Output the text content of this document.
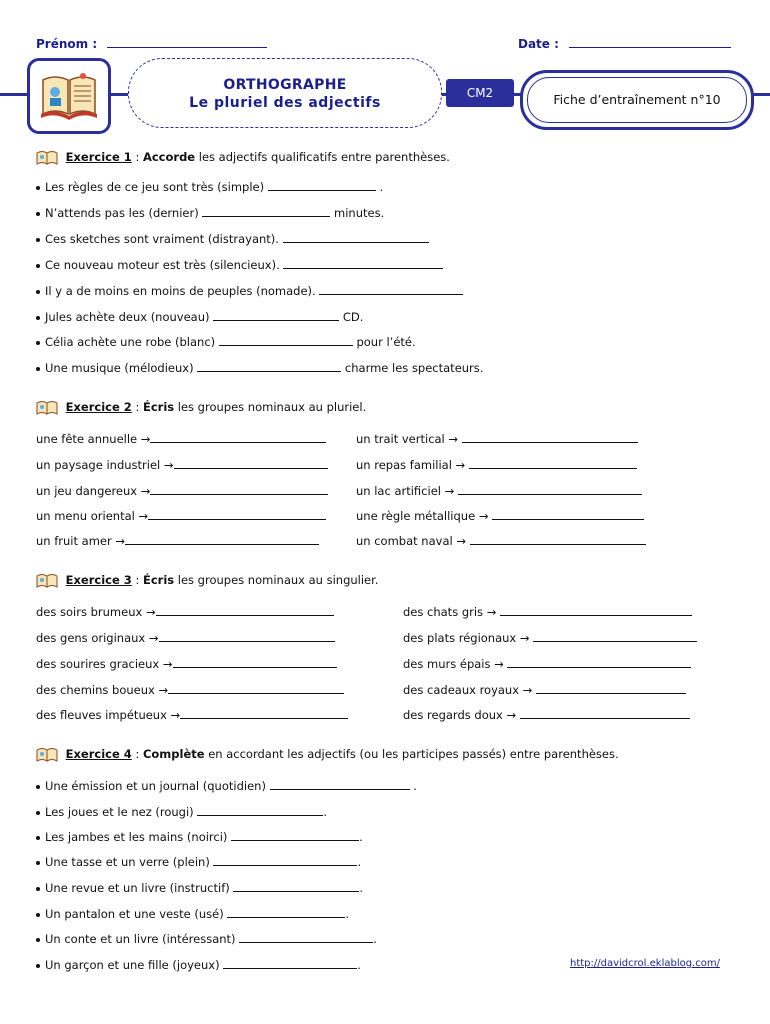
Prénom :	Date :
ORTHOGRAPHE
Le pluriel des adjectifs
CM2	Fiche d’entraînement n°10
Exercice 1 : Accorde les adjectifs qualificatifs entre parenthèses.
Les règles de ce jeu sont très (simple)	.
N’attends pas les (dernier)	minutes.
Ces sketches sont vraiment (distrayant).
Ce nouveau moteur est très (silencieux).
Il y a de moins en moins de peuples (nomade).
Jules achète deux (nouveau)	CD.
Célia achète une robe (blanc)	pour l’été.
Une musique (mélodieux)	charme les spectateurs.
Exercice 2 : Écris les groupes nominaux au pluriel.
une fête annuelle →
un paysage industriel →
un jeu dangereux →
un menu oriental →
un fruit amer →
un trait vertical →
un repas familial →
un lac artificiel →
une règle métallique →
un combat naval →
Exercice 3 : Écris les groupes nominaux au singulier.
des soirs brumeux →
des gens originaux →
des sourires gracieux →
des chemins boueux →
des fleuves impétueux →
des chats gris →
des plats régionaux →
des murs épais →
des cadeaux royaux →
des regards doux →
Exercice 4 : Complète en accordant les adjectifs (ou les participes passés) entre parenthèses.
Une émission et un journal (quotidien)	.
Les joues et le nez (rougi)	.
Les jambes et les mains (noirci)	.
Une tasse et un verre (plein)	.
Une revue et un livre (instructif)	.
Un pantalon et une veste (usé)	.
Un conte et un livre (intéressant)	.
Un garçon et une fille (joyeux)	.	http://davidcrol.eklablog.com/
